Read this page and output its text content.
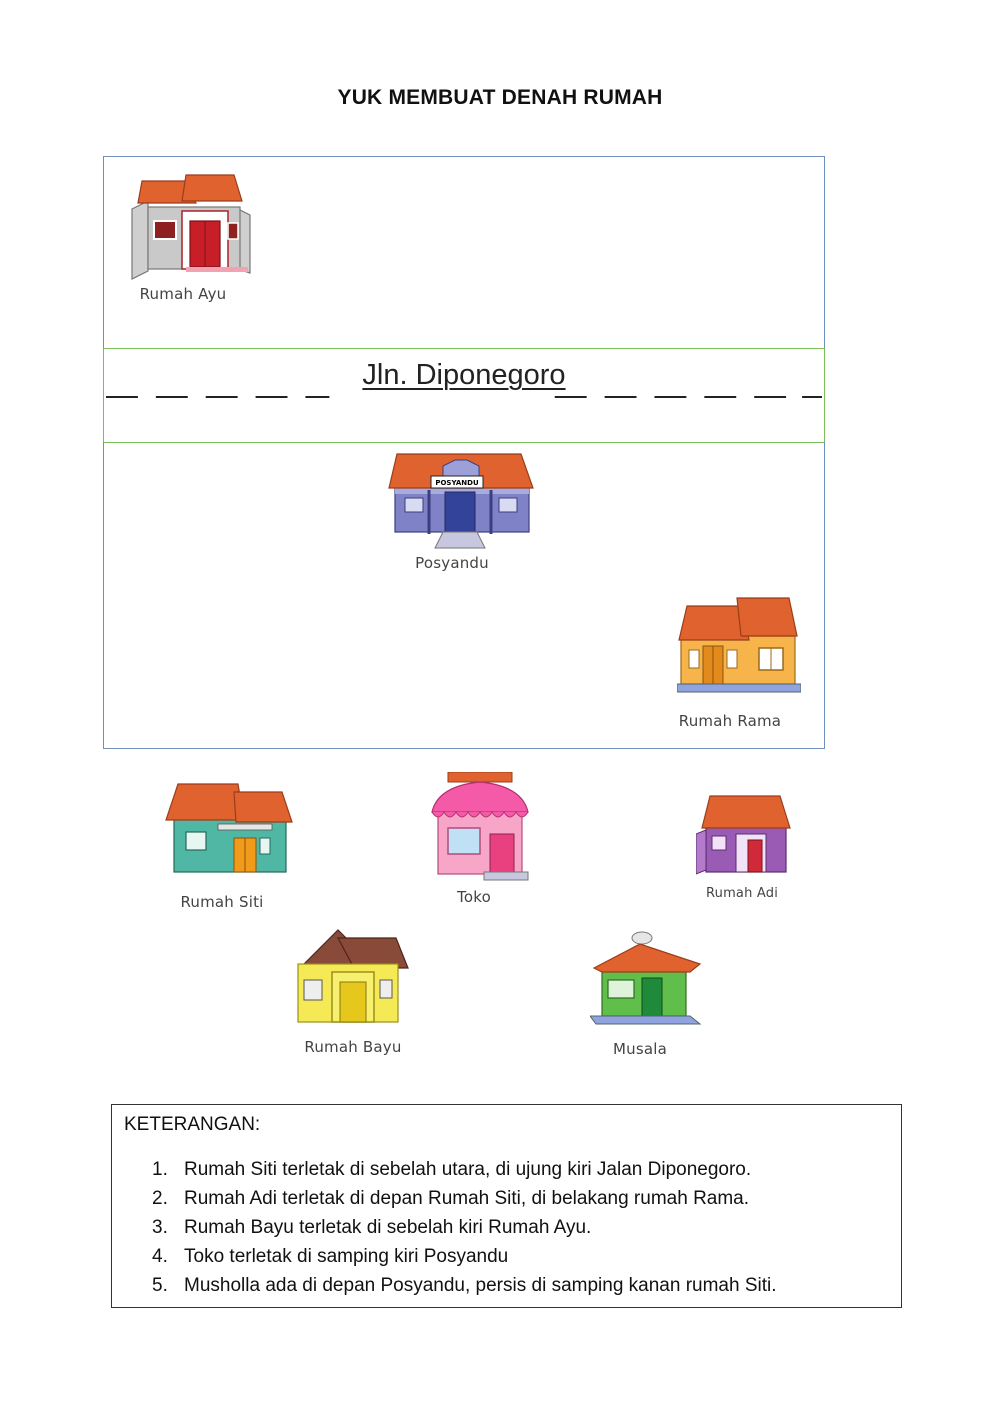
YUK MEMBUAT DENAH RUMAH
Rumah Ayu
Jln. Diponegoro
POSYANDU
Posyandu
Rumah Rama
Rumah Siti	Toko	Rumah Adi
Rumah Bayu	Musala
KETERANGAN:
1. Rumah Siti terletak di sebelah utara, di ujung kiri Jalan Diponegoro.
2. Rumah Adi terletak di depan Rumah Siti, di belakang rumah Rama.
3. Rumah Bayu terletak di sebelah kiri Rumah Ayu.
4. Toko terletak di samping kiri Posyandu
5. Musholla ada di depan Posyandu, persis di samping kanan rumah Siti.
